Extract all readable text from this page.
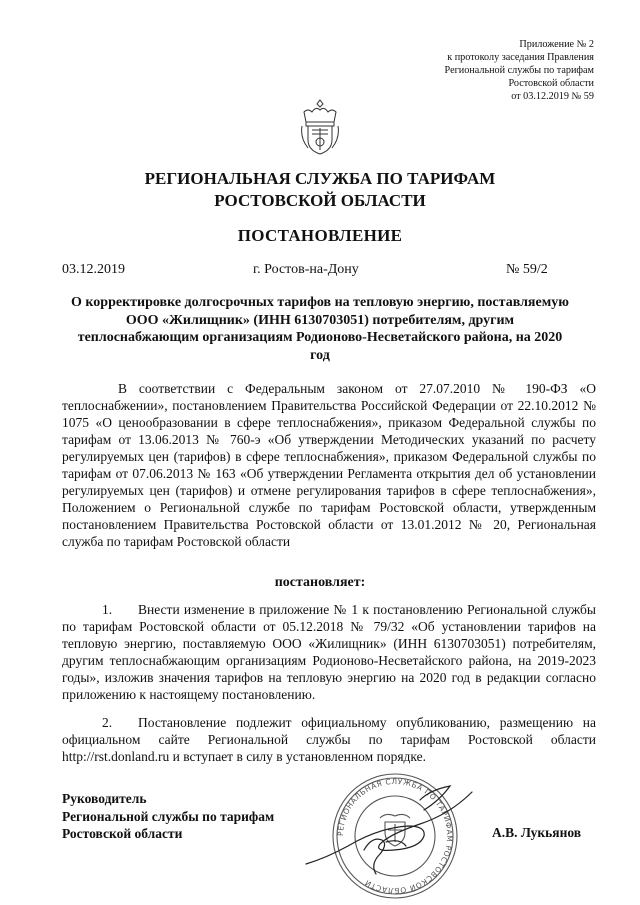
Приложение № 2
к протоколу заседания Правления
Региональной службы по тарифам
Ростовской области
от 03.12.2019 № 59
РЕГИОНАЛЬНАЯ СЛУЖБА ПО ТАРИФАМ
РОСТОВСКОЙ ОБЛАСТИ
ПОСТАНОВЛЕНИЕ
03.12.2019	г. Ростов-на-Дону	№ 59/2
О корректировке долгосрочных тарифов на тепловую энергию, поставляемую ООО «Жилищник» (ИНН 6130703051) потребителям, другим теплоснабжающим организациям Родионово-Несветайского района, на 2020 год
В соответствии с Федеральным законом от 27.07.2010 № 190-ФЗ «О теплоснабжении», постановлением Правительства Российской Федерации от 22.10.2012 № 1075 «О ценообразовании в сфере теплоснабжения», приказом Федеральной службы по тарифам от 13.06.2013 № 760-э «Об утверждении Методических указаний по расчету регулируемых цен (тарифов) в сфере теплоснабжения», приказом Федеральной службы по тарифам от 07.06.2013 № 163 «Об утверждении Регламента открытия дел об установлении регулируемых цен (тарифов) и отмене регулирования тарифов в сфере теплоснабжения», Положением о Региональной службе по тарифам Ростовской области, утвержденным постановлением Правительства Ростовской области от 13.01.2012 № 20, Региональная служба по тарифам Ростовской области
постановляет:
1. Внести изменение в приложение № 1 к постановлению Региональной службы по тарифам Ростовской области от 05.12.2018 № 79/32 «Об установлении тарифов на тепловую энергию, поставляемую ООО «Жилищник» (ИНН 6130703051) потребителям, другим теплоснабжающим организациям Родионово-Несветайского района, на 2019-2023 годы», изложив значения тарифов на тепловую энергию на 2020 год в редакции согласно приложению к настоящему постановлению.
2. Постановление подлежит официальному опубликованию, размещению на официальном сайте Региональной службы по тарифам Ростовской области http://rst.donland.ru и вступает в силу в установленном порядке.
РЕГИОНАЛЬНАЯ СЛУЖБА ПО ТАРИФАМ РОСТОВСКОЙ ОБЛАСТИ
Руководитель
Региональной службы по тарифам
Ростовской области	А.В. Лукьянов
